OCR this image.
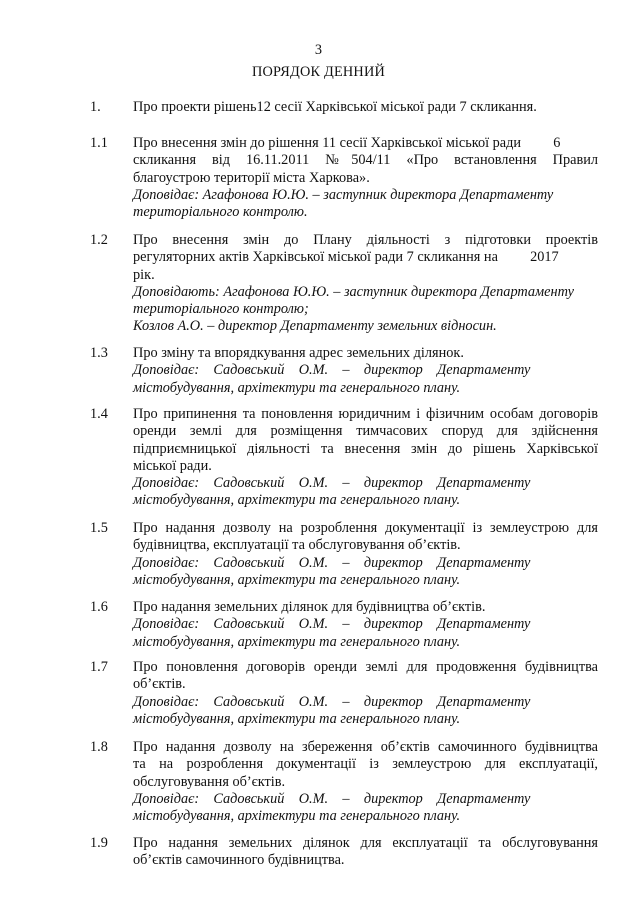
3
ПОРЯДОК ДЕННИЙ
1. Про проекти рішень12 сесії Харківської міської ради 7 скликання.
1.1 Про внесення змін до рішення 11 сесії Харківської міської ради         6
скликання від 16.11.2011 №504/11 «Про встановлення Правил
благоустрою території міста Харкова».
Доповідає: Агафонова Ю.Ю. – заступник директора Департаменту
територіального контролю.
1.2 Про внесення змін до Плану діяльності з підготовки проектів
регуляторних актів Харківської міської ради 7 скликання на         2017
рік.
Доповідають: Агафонова Ю.Ю. – заступник директора Департаменту
територіального контролю;
Козлов А.О. – директор Департаменту земельних відносин.
1.3 Про зміну та впорядкування адрес земельних ділянок.
Доповідає:    Садовський    О.М.    –    директор    Департаменту
містобудування, архітектури та генерального плану.
1.4 Про припинення та поновлення юридичним і фізичним особам договорів
оренди землі для розміщення тимчасових споруд для здійснення
підприємницької діяльності та внесення змін до рішень Харківської
міської ради.
Доповідає:    Садовський    О.М.    –    директор    Департаменту
містобудування, архітектури та генерального плану.
1.5 Про надання дозволу на розроблення документації із землеустрою для
будівництва, експлуатації та обслуговування об’єктів.
Доповідає:    Садовський    О.М.    –    директор    Департаменту
містобудування, архітектури та генерального плану.
1.6 Про надання земельних ділянок для будівництва об’єктів.
Доповідає:    Садовський    О.М.    –    директор    Департаменту
містобудування, архітектури та генерального плану.
1.7 Про поновлення договорів оренди землі для продовження будівництва
об’єктів.
Доповідає:    Садовський    О.М.    –    директор    Департаменту
містобудування, архітектури та генерального плану.
1.8 Про надання дозволу на збереження об’єктів самочинного будівництва
та на розроблення документації із землеустрою для експлуатації,
обслуговування об’єктів.
Доповідає:    Садовський    О.М.    –    директор    Департаменту
містобудування, архітектури та генерального плану.
1.9 Про надання земельних ділянок для експлуатації та обслуговування
об’єктів самочинного будівництва.
